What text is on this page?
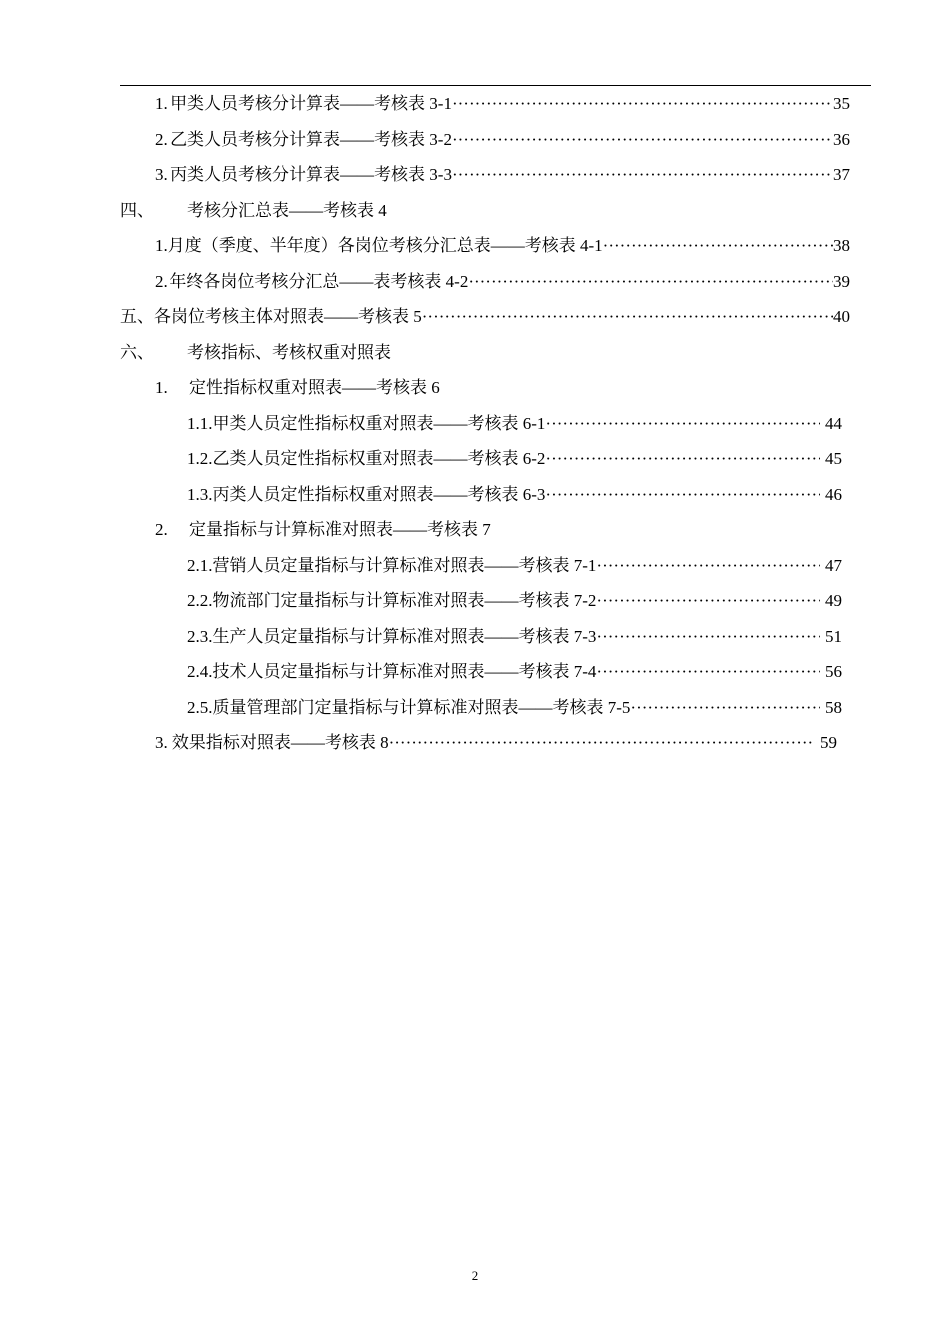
1. 甲类人员考核分计算表——考核表 3-1 ·····	35
2. 乙类人员考核分计算表——考核表 3-2 ·····	36
3. 丙类人员考核分计算表——考核表 3-3 ·····	37
四、	考核分汇总表——考核表 4
1. 月度（季度、半年度）各岗位考核分汇总表——考核表 4-1 ·····	38
2. 年终各岗位考核分汇总——表考核表 4-2 ·····	39
五、 各岗位考核主体对照表——考核表 5 ·····	40
六、	考核指标、考核权重对照表
1.	定性指标权重对照表——考核表 6
1.1. 甲类人员定性指标权重对照表——考核表 6-1 ·····	44
1.2. 乙类人员定性指标权重对照表——考核表 6-2 ·····	45
1.3. 丙类人员定性指标权重对照表——考核表 6-3 ·····	46
2.	定量指标与计算标准对照表——考核表 7
2.1. 营销人员定量指标与计算标准对照表——考核表 7-1 ·····	47
2.2. 物流部门定量指标与计算标准对照表——考核表 7-2 ·····	49
2.3. 生产人员定量指标与计算标准对照表——考核表 7-3 ·····	51
2.4. 技术人员定量指标与计算标准对照表——考核表 7-4 ·····	56
2.5. 质量管理部门定量指标与计算标准对照表——考核表 7-5 ·····	58
3. 效果指标对照表——考核表 8 ·····	59
2
